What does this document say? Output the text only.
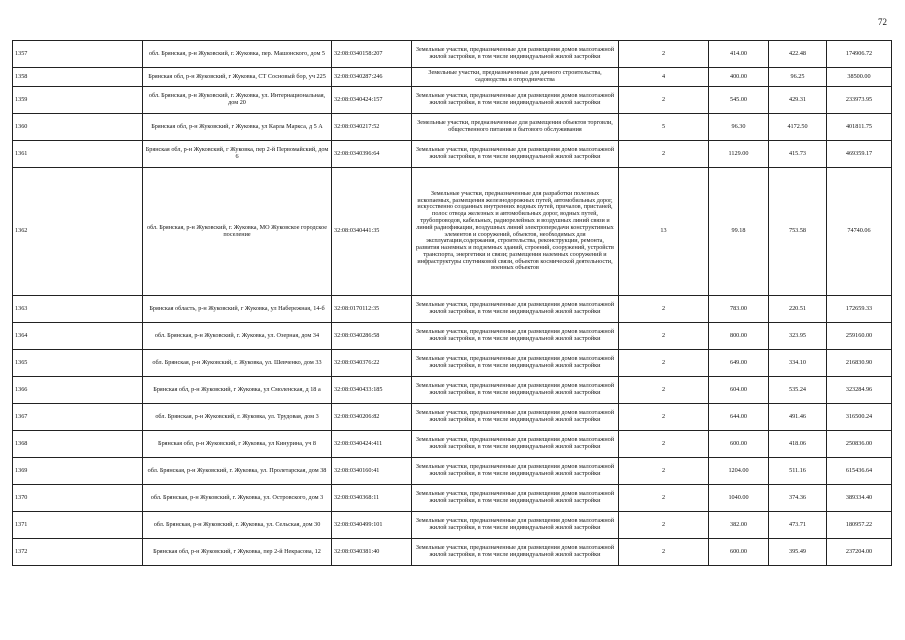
72
1357	обл. Брянская, р-н Жуковский, г. Жуковка, пер. Машонского, дом 5	32:08:0340158:207	Земельные участки, предназначенные для размещения домов малоэтажной жилой застройки, в том числе индивидуальной жилой застройки	2	414.00	422.48	174906.72
1358	Брянская обл, р-н Жуковский, г Жуковка, СТ Сосновый бор, уч 225	32:08:0340287:246	Земельные участки, предназначенные для дачного строительства, садоводства и огородничества	4	400.00	96.25	38500.00
1359	обл. Брянская, р-н Жуковский, г. Жуковка, ул. Интернациональная, дом 20	32:08:0340424:157	Земельные участки, предназначенные для размещения домов малоэтажной жилой застройки, в том числе индивидуальной жилой застройки	2	545.00	429.31	233973.95
1360	Брянская обл, р-н Жуковский, г Жуковка, ул Карла Маркса, д 5 А	32:08:0340217:52	Земельные участки, предназначенные для размещения объектов торговли, общественного питания и бытового обслуживания	5	96.30	4172.50	401811.75
1361	Брянская обл, р-н Жуковский, г Жуковка, пер 2-й Первомайский, дом 6	32:08:0340396:64	Земельные участки, предназначенные для размещения домов малоэтажной жилой застройки, в том числе индивидуальной жилой застройки	2	1129.00	415.73	469359.17
1362	обл. Брянская, р-н Жуковский, г. Жуковка, МО Жуковское городское поселение	32:08:0340441:35	Земельные участки, предназначенные для разработки полезных ископаемых, размещения железнодорожных путей, автомобильных дорог, искусственно созданных внутренних водных путей, причалов, пристаней, полос отвода железных и автомобильных дорог, водных путей, трубопроводов, кабельных, радиорелейных и воздушных линий связи и линий радиофикации, воздушных линий электропередачи конструктивных элементов и сооружений, объектов, необходимых для эксплуатации,содержания, строительства, реконструкции, ремонта, развития наземных и подземных зданий, строений, сооружений, устройств транспорта, энергетики и связи; размещения наземных сооружений и инфраструктуры спутниковой связи, объектов космической деятельности, военных объектов	13	99.18	753.58	74740.06
1363	Брянская область, р-н Жуковский, г Жуковка, ул Набережная, 14-б	32:08:0170112:35	Земельные участки, предназначенные для размещения домов малоэтажной жилой застройки, в том числе индивидуальной жилой застройки	2	783.00	220.51	172659.33
1364	обл. Брянская, р-н Жуковский, г. Жуковка, ул. Озерная, дом 34	32:08:0340286:58	Земельные участки, предназначенные для размещения домов малоэтажной жилой застройки, в том числе индивидуальной жилой застройки	2	800.00	323.95	259160.00
1365	обл. Брянская, р-н Жуковский, г. Жуковка, ул. Шевченко, дом 33	32:08:0340376:22	Земельные участки, предназначенные для размещения домов малоэтажной жилой застройки, в том числе индивидуальной жилой застройки	2	649.00	334.10	216830.90
1366	Брянская обл, р-н Жуковский, г Жуковка, ул Смоленская, д 18 а	32:08:0340433:185	Земельные участки, предназначенные для размещения домов малоэтажной жилой застройки, в том числе индивидуальной жилой застройки	2	604.00	535.24	323284.96
1367	обл. Брянская, р-н Жуковский, г. Жуковка, ул. Трудовая, дом 3	32:08:0340206:82	Земельные участки, предназначенные для размещения домов малоэтажной жилой застройки, в том числе индивидуальной жилой застройки	2	644.00	491.46	316500.24
1368	Брянская обл, р-н Жуковский, г Жуковка, ул Кинурина, уч 8	32:08:0340424:411	Земельные участки, предназначенные для размещения домов малоэтажной жилой застройки, в том числе индивидуальной жилой застройки	2	600.00	418.06	250836.00
1369	обл. Брянская, р-н Жуковский, г. Жуковка, ул. Пролетарская, дом 38	32:08:0340160:41	Земельные участки, предназначенные для размещения домов малоэтажной жилой застройки, в том числе индивидуальной жилой застройки	2	1204.00	511.16	615436.64
1370	обл. Брянская, р-н Жуковский, г. Жуковка, ул. Островского, дом 3	32:08:0340368:11	Земельные участки, предназначенные для размещения домов малоэтажной жилой застройки, в том числе индивидуальной жилой застройки	2	1040.00	374.36	389334.40
1371	обл. Брянская, р-н Жуковский, г. Жуковка, ул. Сельская, дом 30	32:08:0340499:101	Земельные участки, предназначенные для размещения домов малоэтажной жилой застройки, в том числе индивидуальной жилой застройки	2	382.00	473.71	180957.22
1372	Брянская обл, р-н Жуковский, г Жуковка, пер 2-й Некрасова, 12	32:08:0340381:40	Земельные участки, предназначенные для размещения домов малоэтажной жилой застройки, в том числе индивидуальной жилой застройки	2	600.00	395.49	237204.00
